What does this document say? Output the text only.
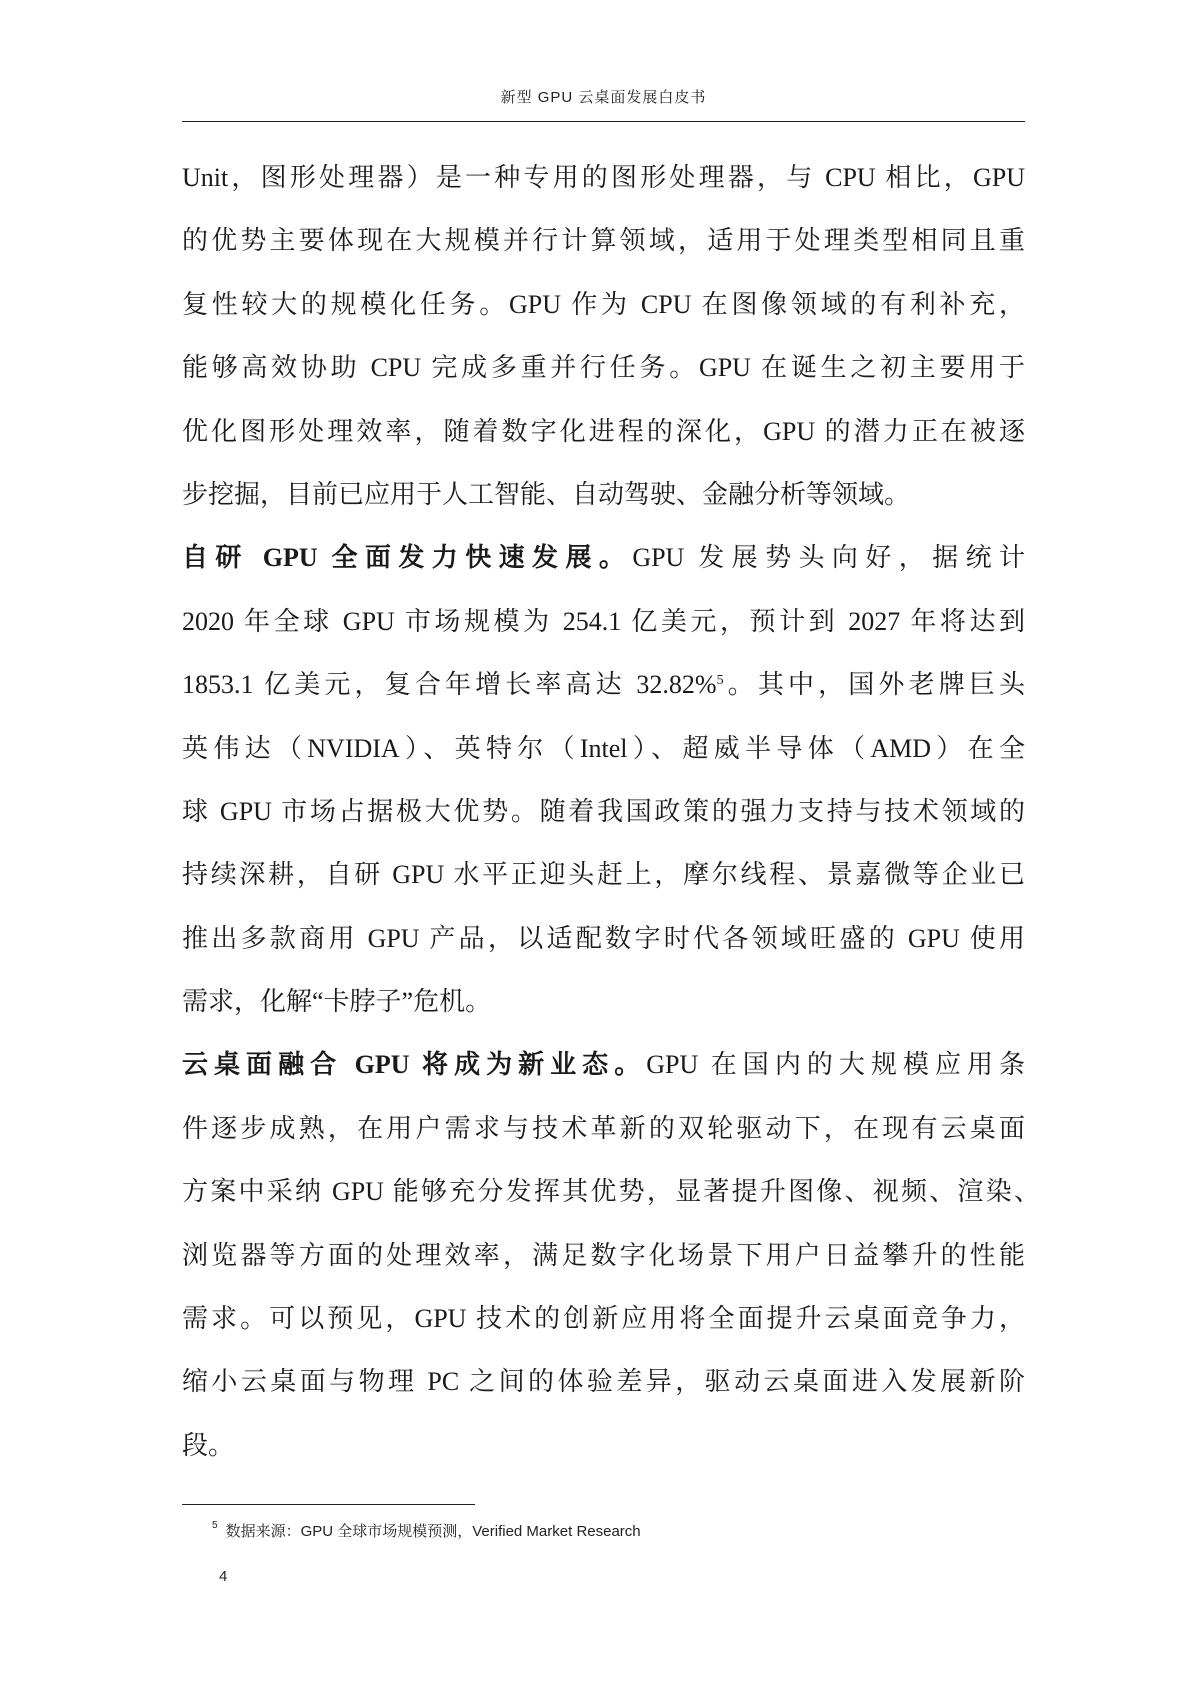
新型 GPU 云桌面发展白皮书
Unit，图形处理器）是一种专用的图形处理器，与 CPU 相比，GPU
的优势主要体现在大规模并行计算领域，适用于处理类型相同且重
复性较大的规模化任务。GPU 作为 CPU 在图像领域的有利补充，
能够高效协助 CPU 完成多重并行任务。GPU 在诞生之初主要用于
优化图形处理效率，随着数字化进程的深化，GPU 的潜力正在被逐
步挖掘，目前已应用于人工智能、自动驾驶、金融分析等领域。
自研 GPU 全面发力快速发展。GPU 发展势头向好，据统计
2020 年全球 GPU 市场规模为 254.1 亿美元，预计到 2027 年将达到
1853.1 亿美元，复合年增长率高达 32.82%$^5$。其中，国外老牌巨头
英伟达（NVIDIA）、英特尔（Intel）、超威半导体（AMD）在全
球 GPU 市场占据极大优势。随着我国政策的强力支持与技术领域的
持续深耕，自研 GPU 水平正迎头赶上，摩尔线程、景嘉微等企业已
推出多款商用 GPU 产品，以适配数字时代各领域旺盛的 GPU 使用
需求，化解“卡脖子”危机。
云桌面融合 GPU 将成为新业态。GPU 在国内的大规模应用条
件逐步成熟，在用户需求与技术革新的双轮驱动下，在现有云桌面
方案中采纳 GPU 能够充分发挥其优势，显著提升图像、视频、渲染、
浏览器等方面的处理效率，满足数字化场景下用户日益攀升的性能
需求。可以预见，GPU 技术的创新应用将全面提升云桌面竞争力，
缩小云桌面与物理 PC 之间的体验差异，驱动云桌面进入发展新阶
段。
$^5$ 数据来源：GPU 全球市场规模预测，Verified Market Research
4
